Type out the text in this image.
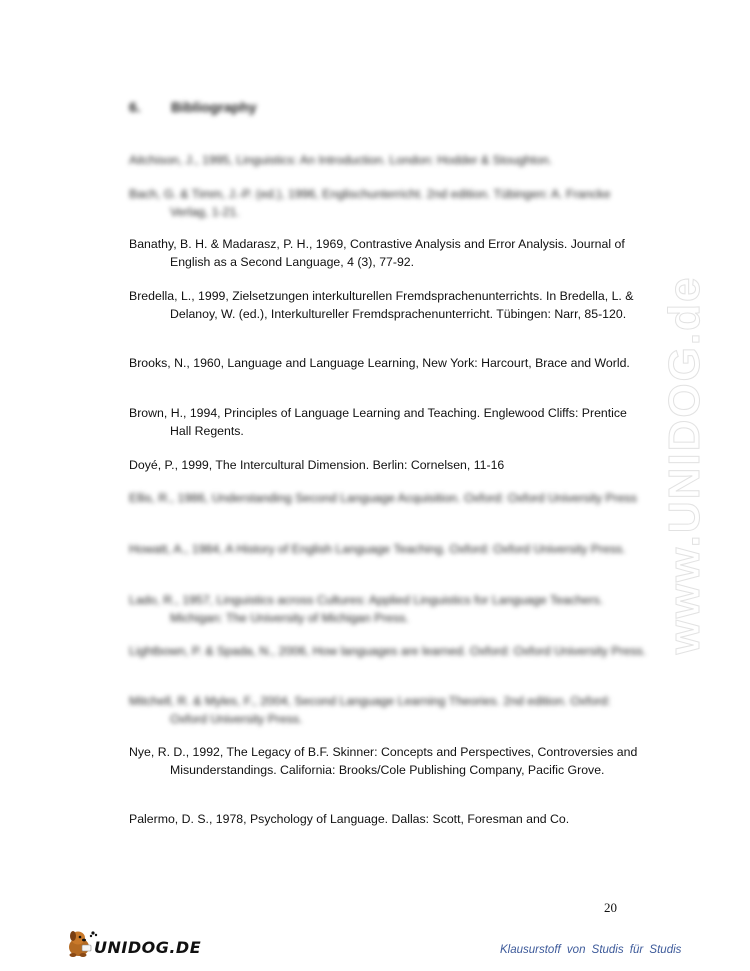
6. Bibliography
Aitchison, J., 1995, Linguistics: An Introduction. London: Hodder & Stoughton.
Bach, G. & Timm, J.-P. (ed.), 1996, Englischunterricht. 2nd edition. Tübingen: A. Francke Verlag, 1-21.
Banathy, B. H. & Madarasz, P. H., 1969, Contrastive Analysis and Error Analysis. Journal of English as a Second Language, 4 (3), 77-92.
Bredella, L., 1999, Zielsetzungen interkulturellen Fremdsprachenunterrichts. In Bredella, L. & Delanoy, W. (ed.), Interkultureller Fremdsprachenunterricht. Tübingen: Narr, 85-120.
Brooks, N., 1960, Language and Language Learning, New York: Harcourt, Brace and World.
Brown, H., 1994, Principles of Language Learning and Teaching. Englewood Cliffs: Prentice Hall Regents.
Doyé, P., 1999, The Intercultural Dimension. Berlin: Cornelsen, 11-16
Ellis, R., 1986, Understanding Second Language Acquisition. Oxford: Oxford University Press
Howatt, A., 1984, A History of English Language Teaching. Oxford: Oxford University Press.
Lado, R., 1957, Linguistics across Cultures: Applied Linguistics for Language Teachers. Michigan: The University of Michigan Press.
Lightbown, P. & Spada, N., 2006, How languages are learned. Oxford: Oxford University Press.
Mitchell, R. & Myles, F., 2004, Second Language Learning Theories. 2nd edition. Oxford: Oxford University Press.
Nye, R. D., 1992, The Legacy of B.F. Skinner: Concepts and Perspectives, Controversies and Misunderstandings. California: Brooks/Cole Publishing Company, Pacific Grove.
Palermo, D. S., 1978, Psychology of Language. Dallas: Scott, Foresman and Co.
www.UNIDOG.de
20
UNIDOG.DE	Klausurstoff von Studis für Studis
